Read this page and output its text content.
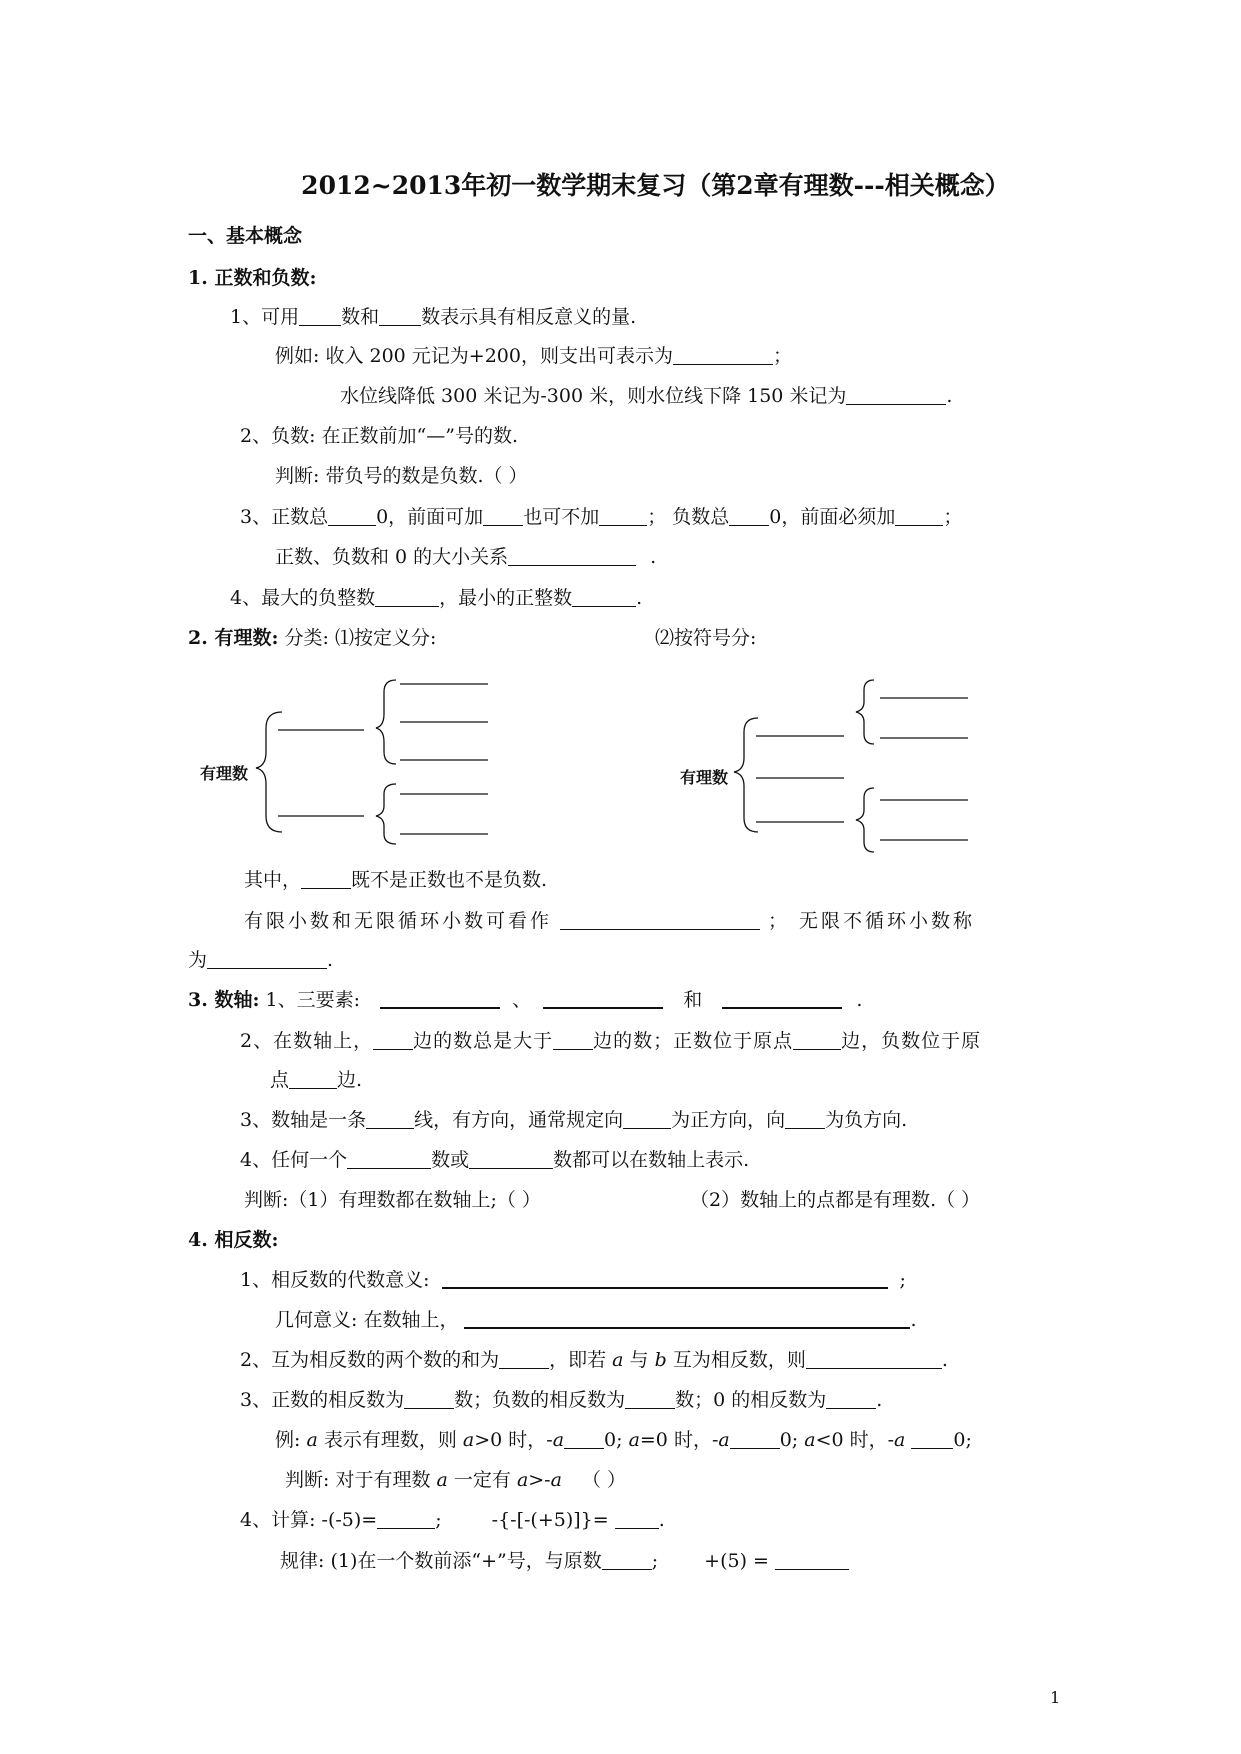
2012~2013年初一数学期末复习（第2章有理数---相关概念）
一、基本概念
1. 正数和负数:
1、可用 数和 数表示具有相反意义的量.
例如: 收入 200 元记为+200，则支出可表示为	；
水位线降低 300 米记为-300 米，则水位线下降 150 米记为	.
2、负数: 在正数前加“—”号的数.
判断: 带负号的数是负数.（ ）
3、正数总	0，前面可加 也可不加	； 负数总 0，前面必须加	；
正数、负数和 0 的大小关系	.
4、最大的负整数	，最小的正整数	.
2. 有理数: 分类: ⑴按定义分:	⑵按符号分:
有理数	有理数
其中，	既不是正数也不是负数.
有限小数和无限循环小数可看作	； 无限不循环小数称
为	.
3. 数轴: 1、三要素:	、	和	.
2、在数轴上， 边的数总是大于 边的数；正数位于原点	边，负数位于原
点	边.
3、数轴是一条	线，有方向，通常规定向	为正方向，向 为负方向.
4、任何一个	数或	数都可以在数轴上表示.
判断:（1）有理数都在数轴上;（ ）	（2）数轴上的点都是有理数.（ ）
4. 相反数:
1、相反数的代数意义:	;
几何意义: 在数轴上，	.
2、互为相反数的两个数的和为	，即若 a 与 b 互为相反数，则	.
3、正数的相反数为	数；负数的相反数为	数；0 的相反数为	.
例: a 表示有理数，则 a>0 时，-a 0; a=0 时，-a	0; a<0 时，-a	0;
判断: 对于有理数 a 一定有 a>-a （ ）
4、计算: -(-5)=	;	-{-[-(+5)]}=	.
规律: (1)在一个数前添“+”号，与原数	; +(5) =
1
